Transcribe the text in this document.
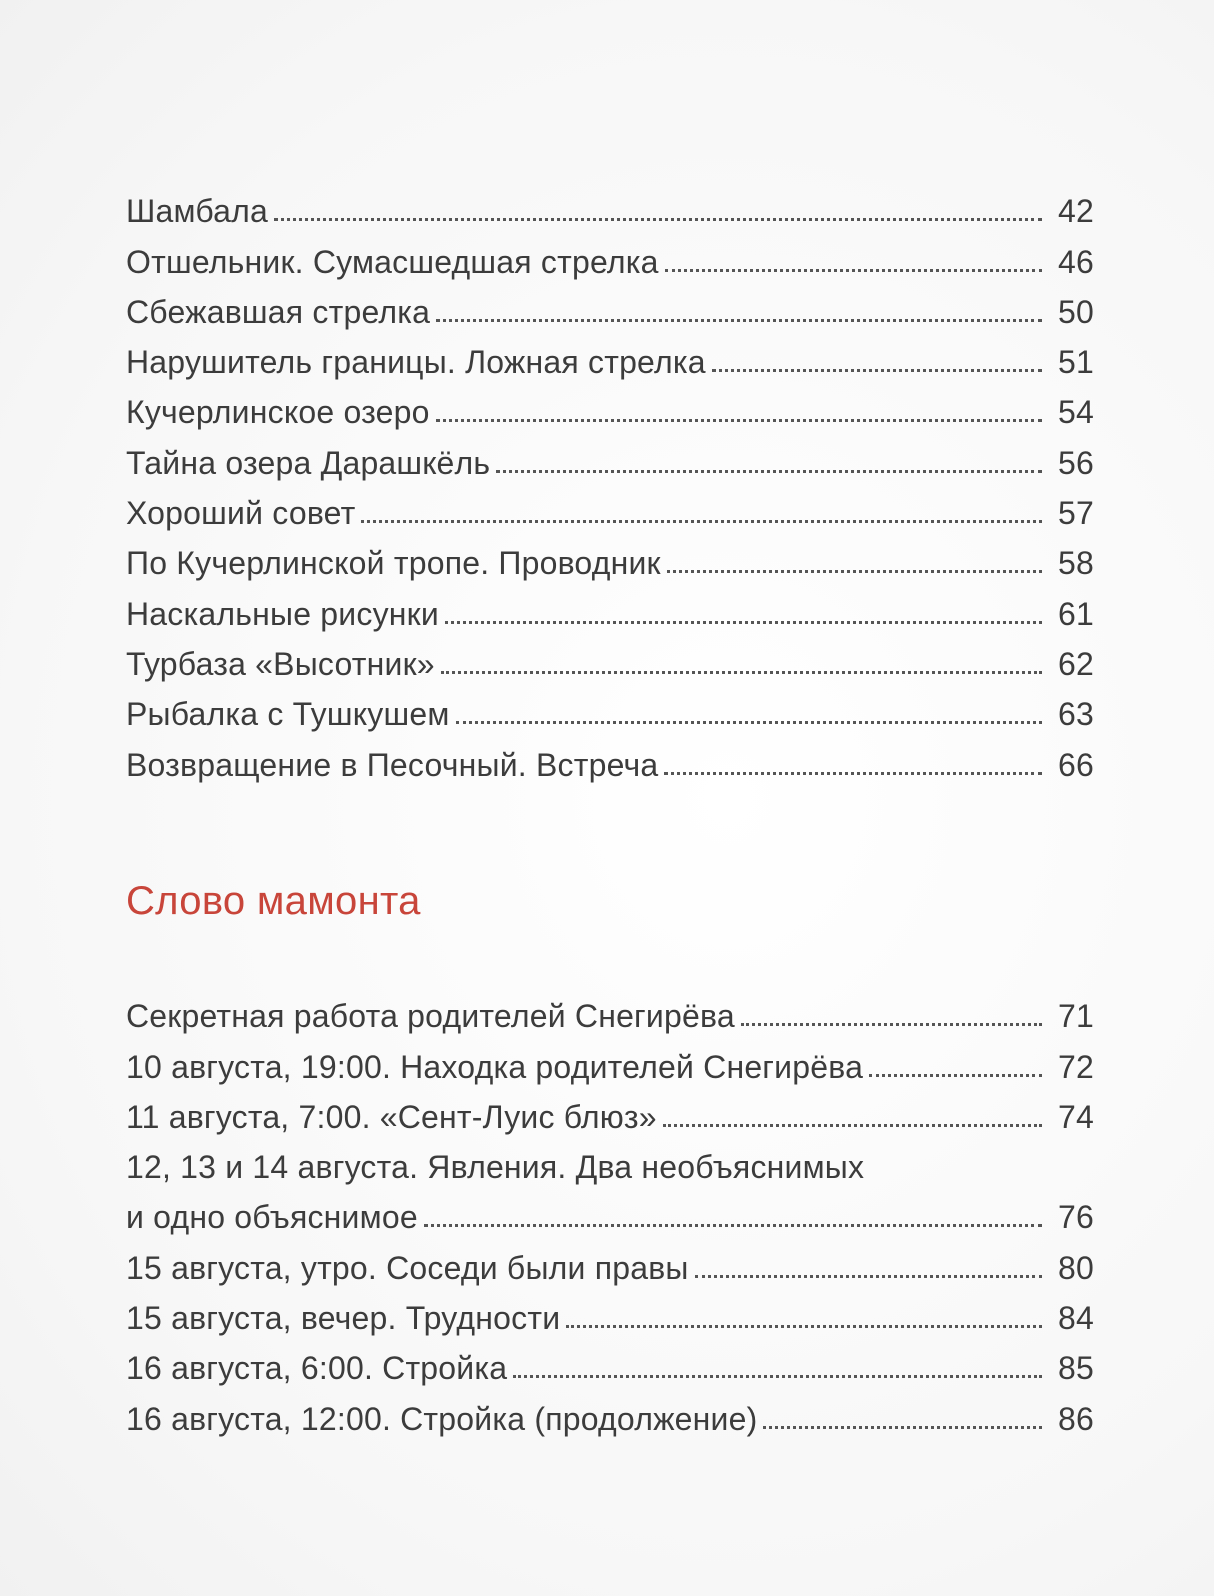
Шамбала	42
Отшельник. Сумасшедшая стрелка	46
Сбежавшая стрелка	50
Нарушитель границы. Ложная стрелка	51
Кучерлинское озеро	54
Тайна озера Дарашкёль	56
Хороший совет	57
По Кучерлинской тропе. Проводник	58
Наскальные рисунки	61
Турбаза «Высотник»	62
Рыбалка с Тушкушем	63
Возвращение в Песочный. Встреча	66
Слово мамонта
Секретная работа родителей Снегирёва	71
10 августа, 19:00. Находка родителей Снегирёва	72
11 августа, 7:00. «Сент-Луис блюз»	74
12, 13 и 14 августа. Явления. Два необъяснимых
и одно объяснимое	76
15 августа, утро. Соседи были правы	80
15 августа, вечер. Трудности	84
16 августа, 6:00. Стройка	85
16 августа, 12:00. Стройка (продолжение)	86
